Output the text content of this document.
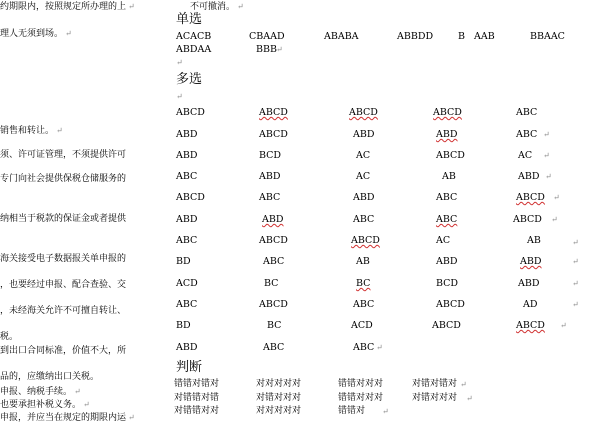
约期限内，按照规定所办理的上 ↵
理人无须到场。 ↵
销售和转让。 ↵
须、许可证管理，不须提供许可
专门向社会提供保税仓储服务的
纳相当于税款的保证金或者提供
海关接受电子数据报关单申报的
，也要经过申报、配合查验、交
，未经海关允许不可擅自转让、
税。
到出口合同标准，价值不大，所
品的，应缴纳出口关税。
申报、纳税手续。 ↵
也要承担补税义务。 ↵
申报，并应当在规定的期限内运 ↵
不可撤消。 ↵
单选
ACACB	CBAAD	ABABA	ABBDD	B AAB	BBAAC
ABDAA	BBB ↵
↵
多选
↵
ABCD	ABCD	ABCD	ABCD	ABC
ABD	ABCD	ABD	ABD	ABC ↵
ABD	BCD	AC	ABCD	AC ↵
ABC	ABD	AC	AB	ABD ↵
ABCD	ABC	ABD	ABC	ABCD ↵
ABD	ABD	ABC	ABC	ABCD ↵
ABC	ABCD	ABCD	AC	AB	↵
BD	ABC	AB	ABD	ABD	↵
ACD	BC	BC	BCD	ABD	↵
ABC	ABCD	ABC	ABCD	AD	↵
BD	BC	ACD	ABCD	ABCD ↵
ABD	ABC	ABC ↵
判断
错错对错对	对对对对对	错错对对对	对错对错对 ↵
对错错对错	对错对对对	错错对对对	对错对对对 ↵
对错错对对	对对对对对	错错对 ↵
